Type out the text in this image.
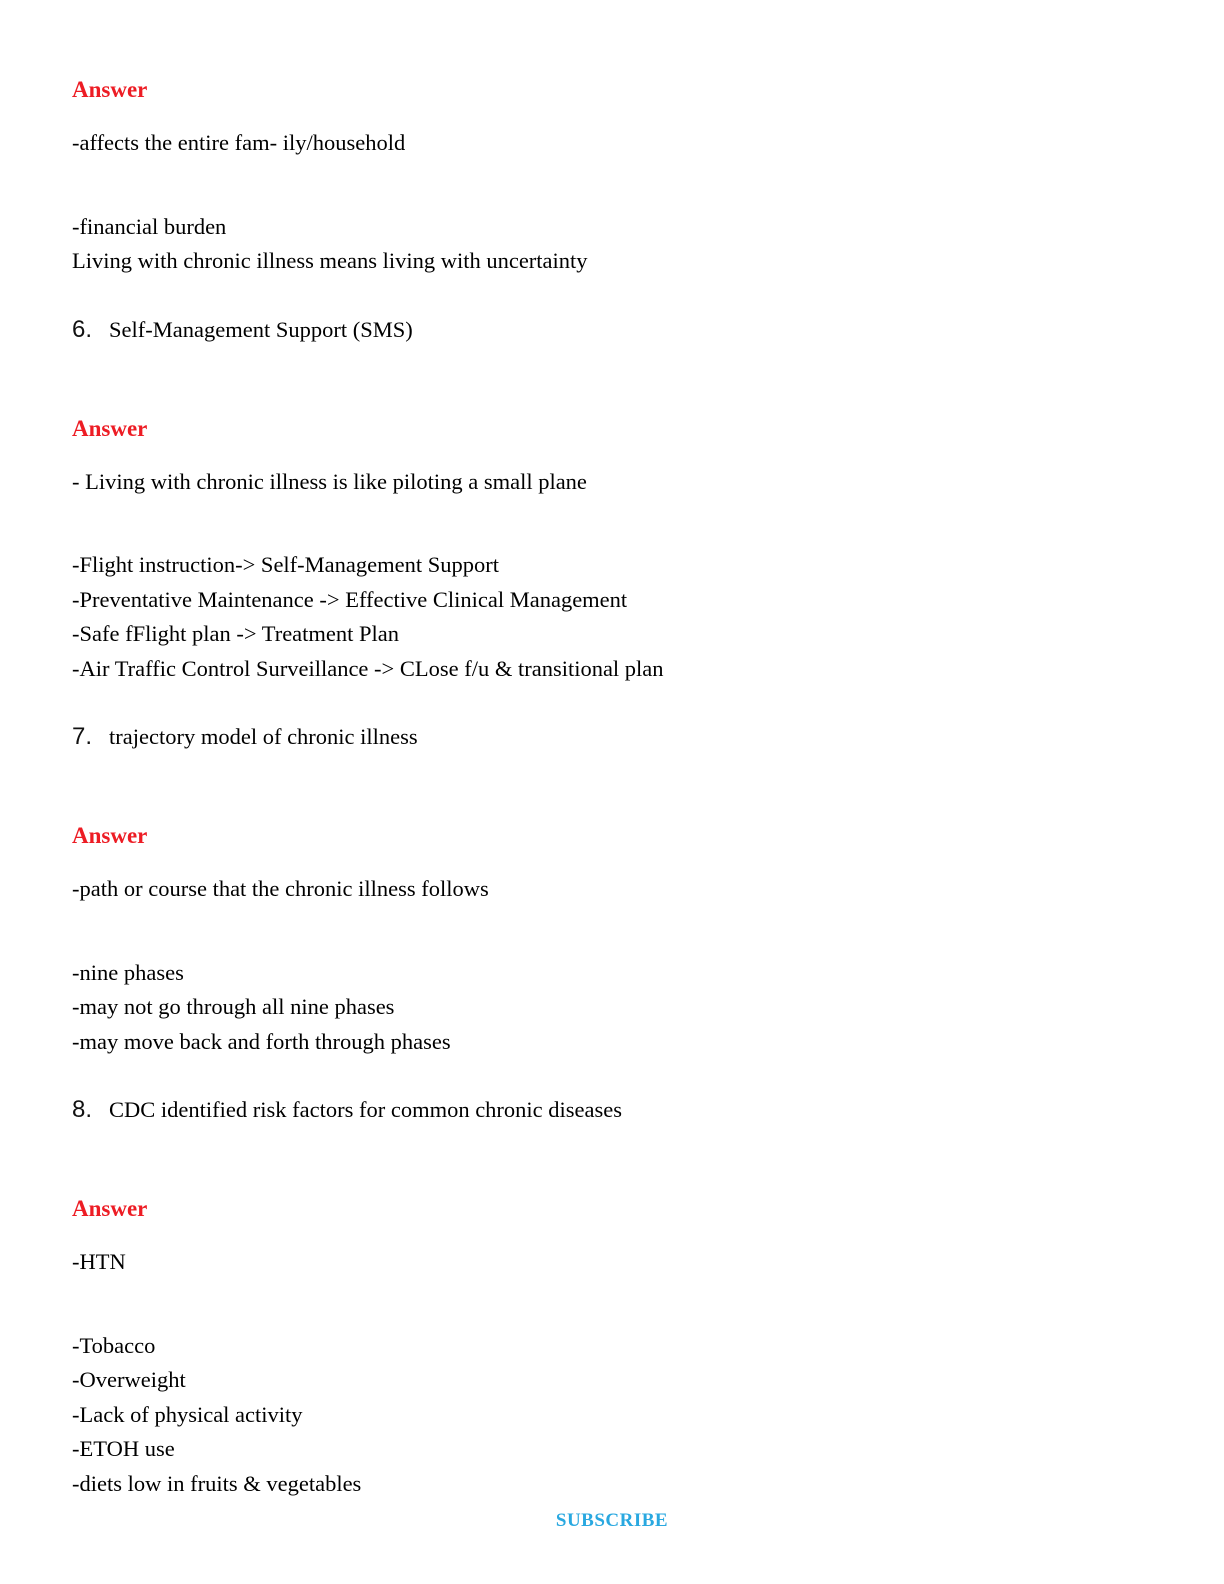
Answer
-affects the entire fam- ily/household
-financial burden
Living with chronic illness means living with uncertainty
6. Self-Management Support (SMS)
Answer
- Living with chronic illness is like piloting a small plane
-Flight instruction-> Self-Management Support
-Preventative Maintenance -> Effective Clinical Management
-Safe fFlight plan -> Treatment Plan
-Air Traffic Control Surveillance -> CLose f/u & transitional plan
7. trajectory model of chronic illness
Answer
-path or course that the chronic illness follows
-nine phases
-may not go through all nine phases
-may move back and forth through phases
8. CDC identified risk factors for common chronic diseases
Answer
-HTN
-Tobacco
-Overweight
-Lack of physical activity
-ETOH use
-diets low in fruits & vegetables
SUBSCRIBE
